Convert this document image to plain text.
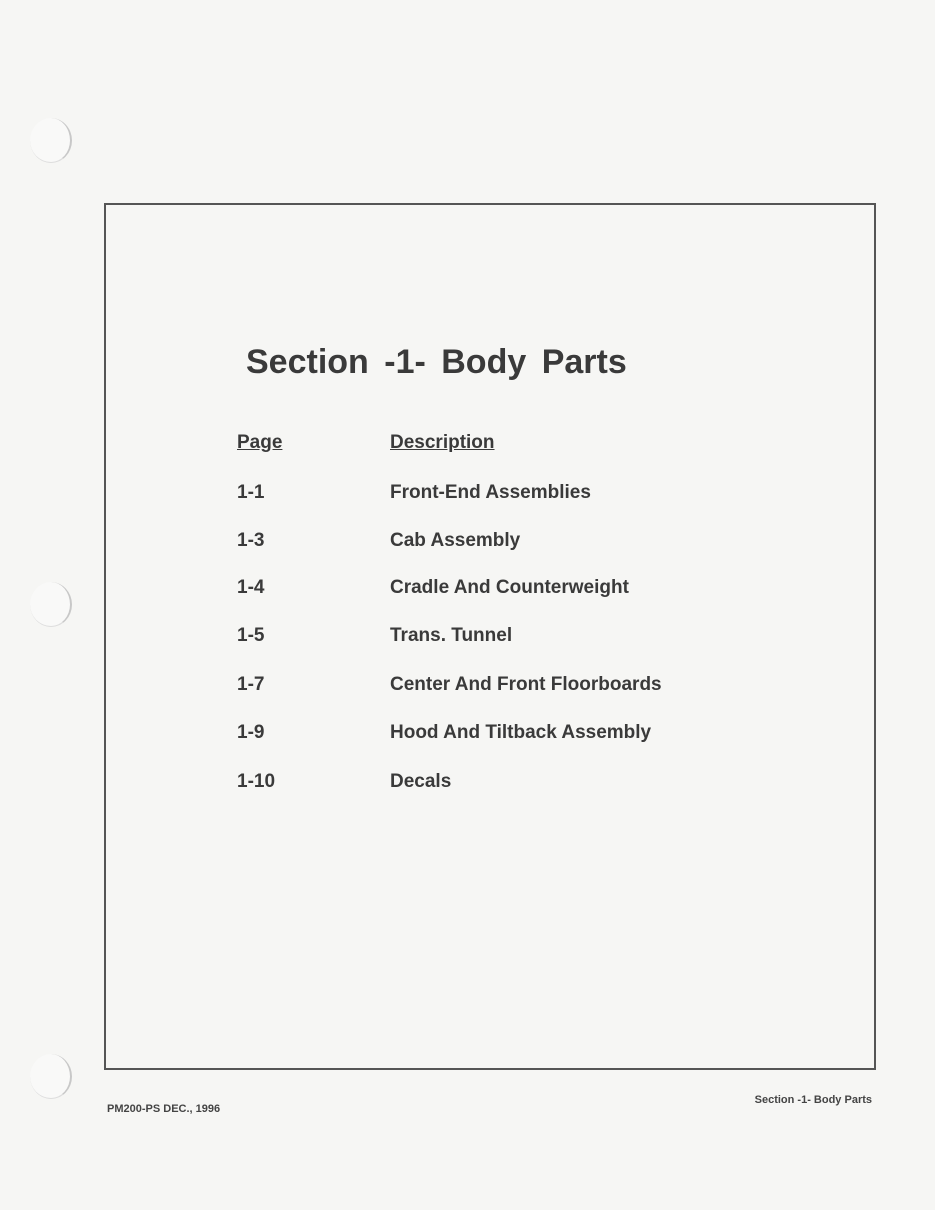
Section -1- Body Parts
Page	Description
1-1	Front-End Assemblies
1-3	Cab Assembly
1-4	Cradle And Counterweight
1-5	Trans. Tunnel
1-7	Center And Front Floorboards
1-9	Hood And Tiltback Assembly
1-10	Decals
PM200-PS DEC., 1996
Section -1- Body Parts
